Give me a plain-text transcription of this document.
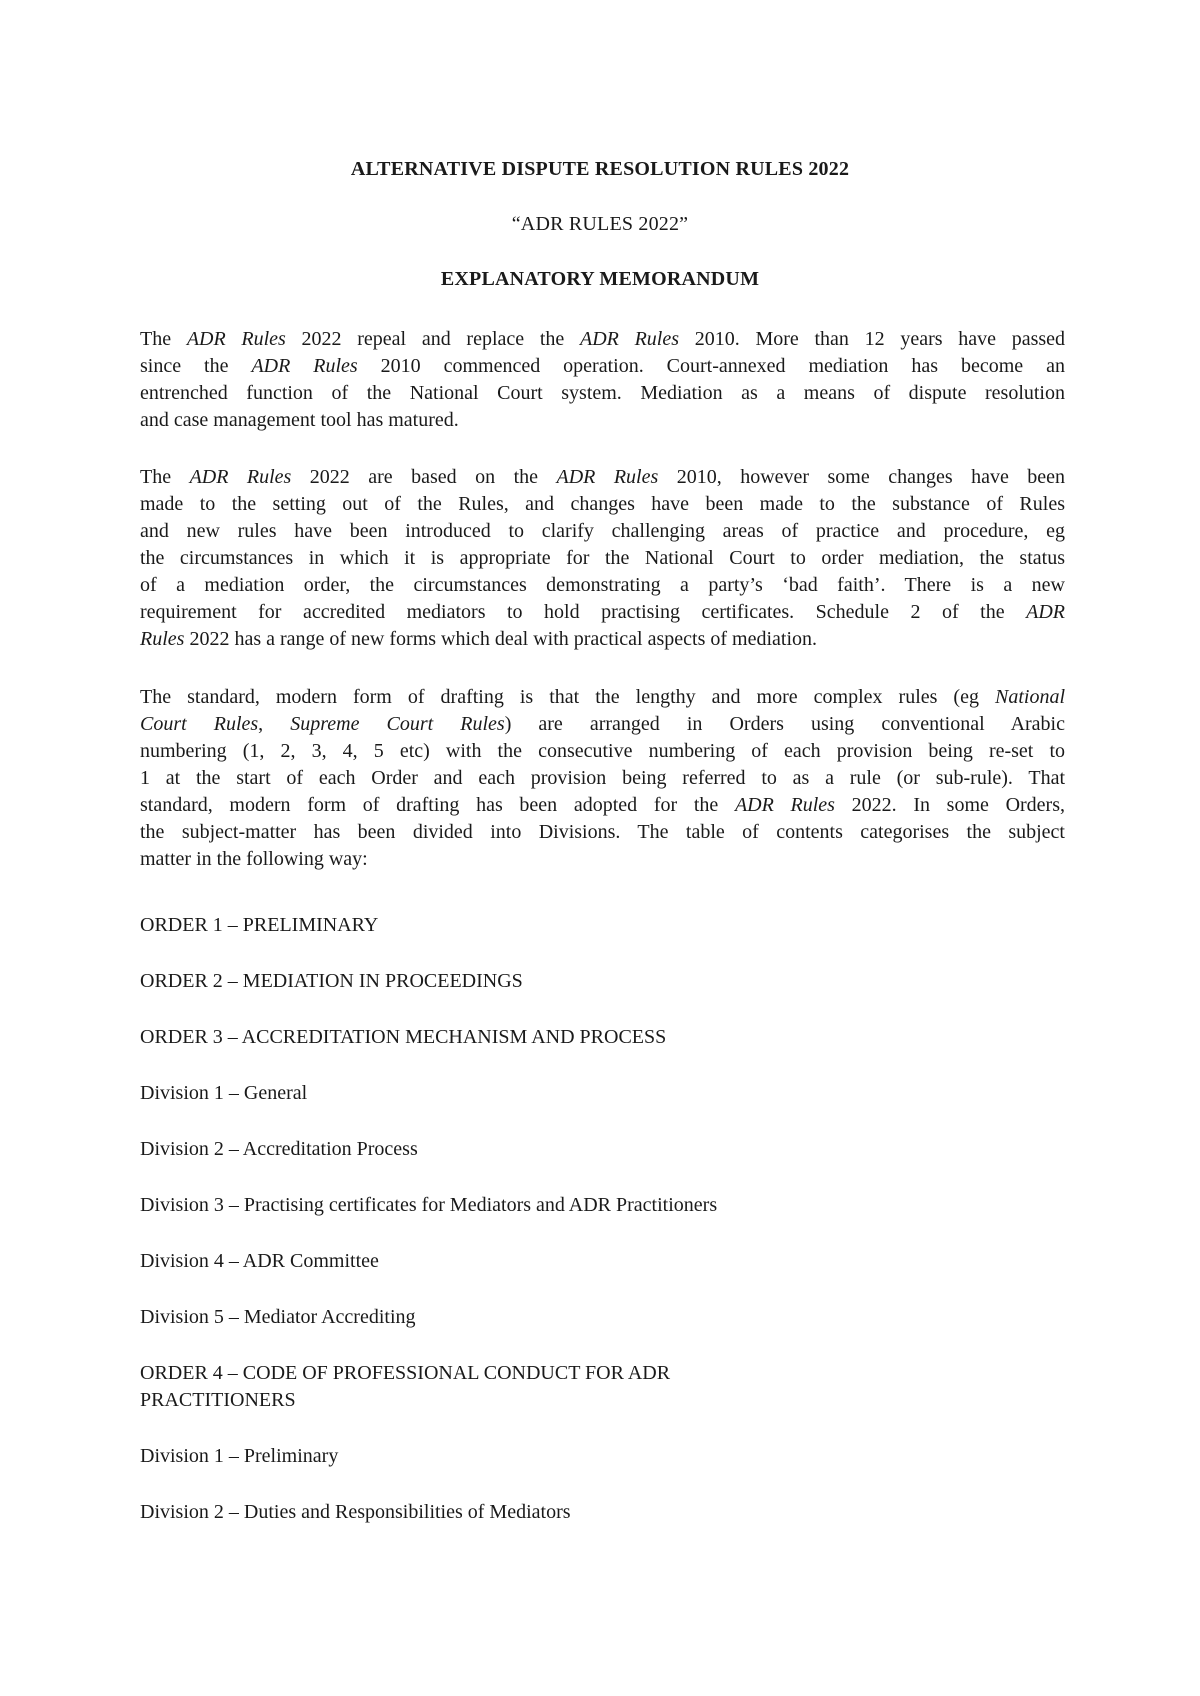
ALTERNATIVE DISPUTE RESOLUTION RULES 2022
“ADR RULES 2022”
EXPLANATORY MEMORANDUM

The ADR Rules 2022 repeal and replace the ADR Rules 2010. More than 12 years have passed
since the ADR Rules 2010 commenced operation. Court-annexed mediation has become an
entrenched function of the National Court system. Mediation as a means of dispute resolution
and case management tool has matured.

The ADR Rules 2022 are based on the ADR Rules 2010, however some changes have been
made to the setting out of the Rules, and changes have been made to the substance of Rules
and new rules have been introduced to clarify challenging areas of practice and procedure, eg
the circumstances in which it is appropriate for the National Court to order mediation, the status
of a mediation order, the circumstances demonstrating a party’s ‘bad faith’. There is a new
requirement for accredited mediators to hold practising certificates. Schedule 2 of the ADR
Rules 2022 has a range of new forms which deal with practical aspects of mediation.

The standard, modern form of drafting is that the lengthy and more complex rules (eg National
Court Rules, Supreme Court Rules) are arranged in Orders using conventional Arabic
numbering (1, 2, 3, 4, 5 etc) with the consecutive numbering of each provision being re-set to
1 at the start of each Order and each provision being referred to as a rule (or sub-rule). That
standard, modern form of drafting has been adopted for the ADR Rules 2022. In some Orders,
the subject-matter has been divided into Divisions. The table of contents categorises the subject
matter in the following way:

ORDER 1 – PRELIMINARY
ORDER 2 – MEDIATION IN PROCEEDINGS
ORDER 3 – ACCREDITATION MECHANISM AND PROCESS
Division 1 – General
Division 2 – Accreditation Process
Division 3 – Practising certificates for Mediators and ADR Practitioners
Division 4 – ADR Committee
Division 5 – Mediator Accrediting
ORDER 4 – CODE OF PROFESSIONAL CONDUCT FOR ADR
PRACTITIONERS
Division 1 – Preliminary
Division 2 – Duties and Responsibilities of Mediators
